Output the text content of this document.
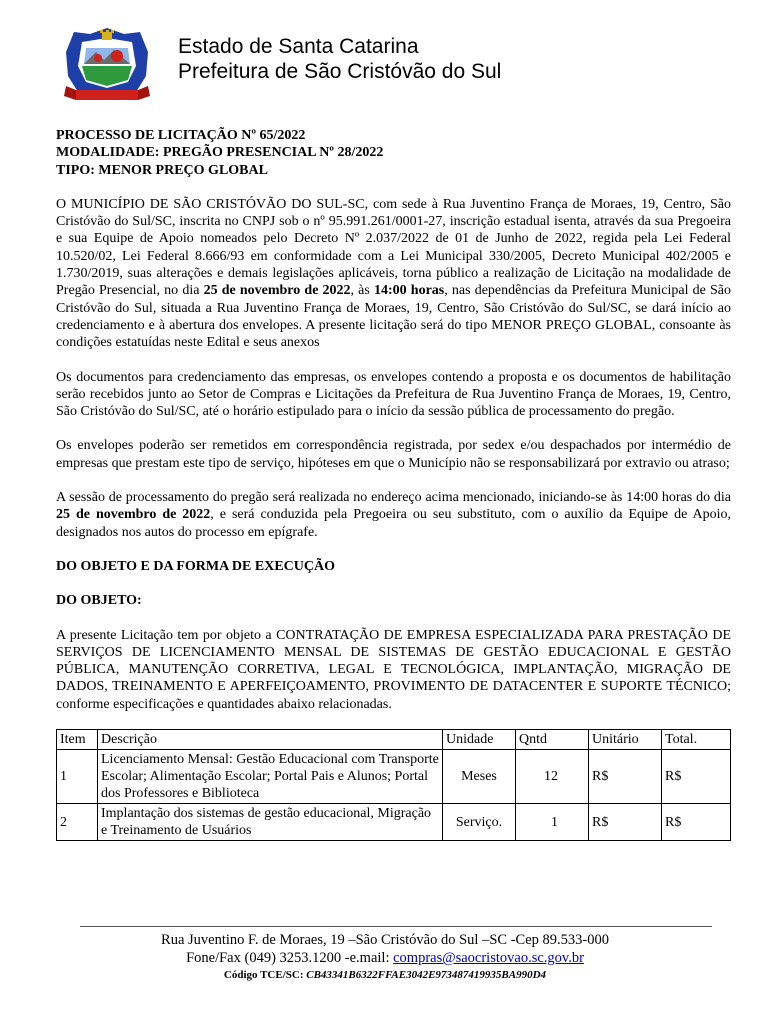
Estado de Santa Catarina
Prefeitura de São Cristóvão do Sul
PROCESSO DE LICITAÇÃO Nº 65/2022
MODALIDADE: PREGÃO PRESENCIAL Nº 28/2022
TIPO: MENOR PREÇO GLOBAL

O MUNICÍPIO DE SÃO CRISTÓVÃO DO SUL-SC, com sede à Rua Juventino França de Moraes, 19, Centro, São Cristóvão do Sul/SC, inscrita no CNPJ sob o nº 95.991.261/0001-27, inscrição estadual isenta, através da sua Pregoeira e sua Equipe de Apoio nomeados pelo Decreto Nº 2.037/2022 de 01 de Junho de 2022, regida pela Lei Federal 10.520/02, Lei Federal 8.666/93 em conformidade com a Lei Municipal 330/2005, Decreto Municipal 402/2005 e 1.730/2019, suas alterações e demais legislações aplicáveis, torna público a realização de Licitação na modalidade de Pregão Presencial, no dia 25 de novembro de 2022, às 14:00 horas, nas dependências da Prefeitura Municipal de São Cristóvão do Sul, situada a Rua Juventino França de Moraes, 19, Centro, São Cristóvão do Sul/SC, se dará início ao credenciamento e à abertura dos envelopes. A presente licitação será do tipo MENOR PREÇO GLOBAL, consoante às condições estatuídas neste Edital e seus anexos

Os documentos para credenciamento das empresas, os envelopes contendo a proposta e os documentos de habilitação serão recebidos junto ao Setor de Compras e Licitações da Prefeitura de Rua Juventino França de Moraes, 19, Centro, São Cristóvão do Sul/SC, até o horário estipulado para o início da sessão pública de processamento do pregão.

Os envelopes poderão ser remetidos em correspondência registrada, por sedex e/ou despachados por intermédio de empresas que prestam este tipo de serviço, hipóteses em que o Município não se responsabilizará por extravio ou atraso;

A sessão de processamento do pregão será realizada no endereço acima mencionado, iniciando-se às 14:00 horas do dia 25 de novembro de 2022, e será conduzida pela Pregoeira ou seu substituto, com o auxílio da Equipe de Apoio, designados nos autos do processo em epígrafe.

DO OBJETO E DA FORMA DE EXECUÇÃO

DO OBJETO:

A presente Licitação tem por objeto a CONTRATAÇÃO DE EMPRESA ESPECIALIZADA PARA PRESTAÇÃO DE SERVIÇOS DE LICENCIAMENTO MENSAL DE SISTEMAS DE GESTÃO EDUCACIONAL E GESTÃO PÚBLICA, MANUTENÇÃO CORRETIVA, LEGAL E TECNOLÓGICA, IMPLANTAÇÃO, MIGRAÇÃO DE DADOS, TREINAMENTO E APERFEIÇOAMENTO, PROVIMENTO DE DATACENTER E SUPORTE TÉCNICO; conforme especificações e quantidades abaixo relacionadas.

Item	Descrição	Unidade	Qntd	Unitário	Total.
1	Licenciamento Mensal: Gestão Educacional com Transporte Escolar; Alimentação Escolar; Portal Pais e Alunos; Portal dos Professores e Biblioteca	Meses	12	R$	R$
2	Implantação dos sistemas de gestão educacional, Migração e Treinamento de Usuários	Serviço.	1	R$	R$
Rua Juventino F. de Moraes, 19 –São Cristóvão do Sul –SC -Cep 89.533-000
Fone/Fax (049) 3253.1200 -e.mail: compras@saocristovao.sc.gov.br
Código TCE/SC: CB43341B6322FFAE3042E973487419935BA990D4
